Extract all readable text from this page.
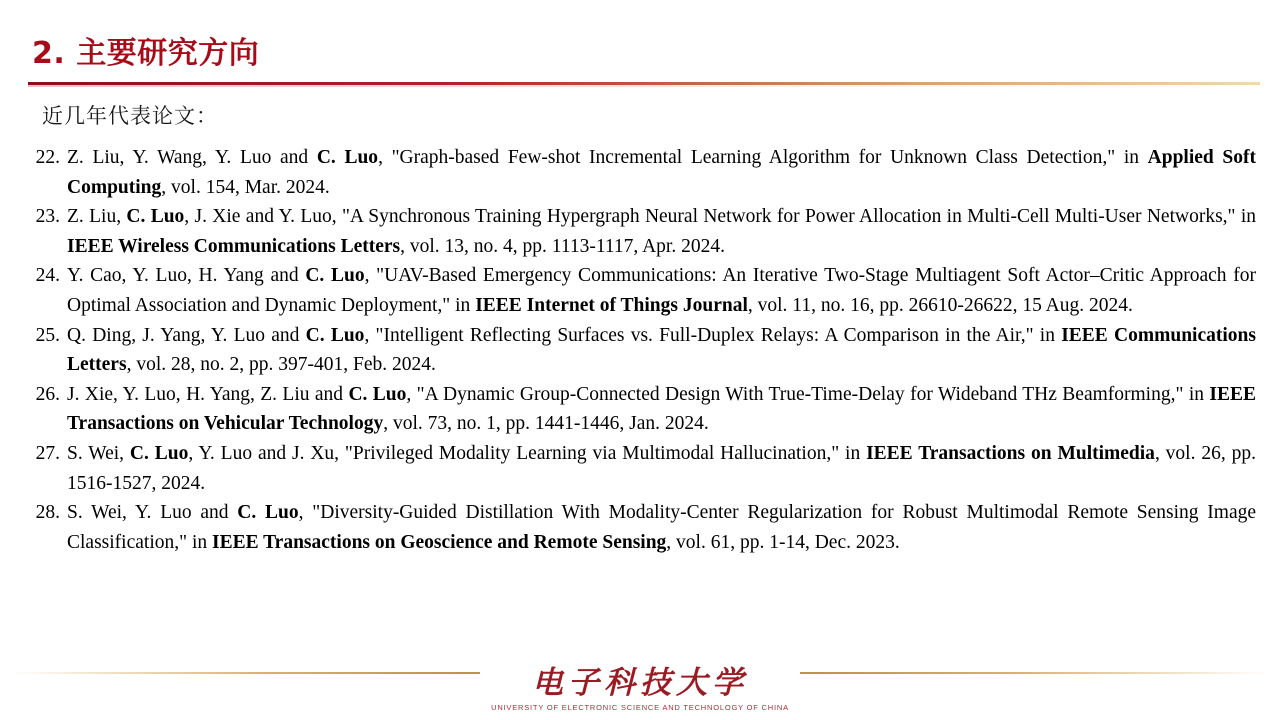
2. 主要研究方向
近几年代表论文：
22. Z. Liu, Y. Wang, Y. Luo and C. Luo, "Graph-based Few-shot Incremental Learning Algorithm for Unknown Class Detection," in Applied Soft Computing, vol. 154, Mar. 2024.
23. Z. Liu, C. Luo, J. Xie and Y. Luo, "A Synchronous Training Hypergraph Neural Network for Power Allocation in Multi-Cell Multi-User Networks," in IEEE Wireless Communications Letters, vol. 13, no. 4, pp. 1113-1117, Apr. 2024.
24. Y. Cao, Y. Luo, H. Yang and C. Luo, "UAV-Based Emergency Communications: An Iterative Two-Stage Multiagent Soft Actor–Critic Approach for Optimal Association and Dynamic Deployment," in IEEE Internet of Things Journal, vol. 11, no. 16, pp. 26610-26622, 15 Aug. 2024.
25. Q. Ding, J. Yang, Y. Luo and C. Luo, "Intelligent Reflecting Surfaces vs. Full-Duplex Relays: A Comparison in the Air," in IEEE Communications Letters, vol. 28, no. 2, pp. 397-401, Feb. 2024.
26. J. Xie, Y. Luo, H. Yang, Z. Liu and C. Luo, "A Dynamic Group-Connected Design With True-Time-Delay for Wideband THz Beamforming," in IEEE Transactions on Vehicular Technology, vol. 73, no. 1, pp. 1441-1446, Jan. 2024.
27. S. Wei, C. Luo, Y. Luo and J. Xu, "Privileged Modality Learning via Multimodal Hallucination," in IEEE Transactions on Multimedia, vol. 26, pp. 1516-1527, 2024.
28. S. Wei, Y. Luo and C. Luo, "Diversity-Guided Distillation With Modality-Center Regularization for Robust Multimodal Remote Sensing Image Classification," in IEEE Transactions on Geoscience and Remote Sensing, vol. 61, pp. 1-14, Dec. 2023.
电子科技大学
UNIVERSITY OF ELECTRONIC SCIENCE AND TECHNOLOGY OF CHINA
